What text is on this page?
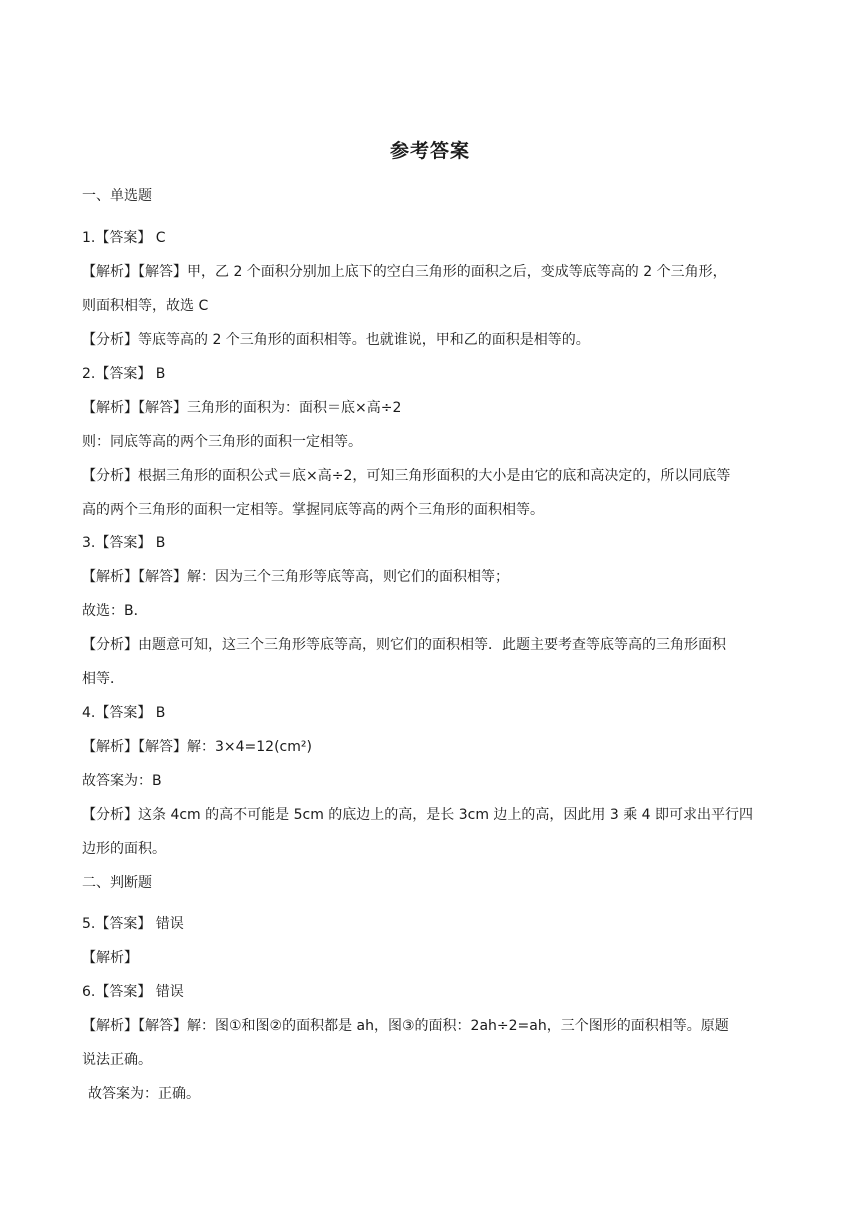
参考答案
一、单选题
1.【答案】 C
【解析】【解答】甲，乙 2 个面积分别加上底下的空白三角形的面积之后，变成等底等高的 2 个三角形，
则面积相等，故选 C
【分析】等底等高的 2 个三角形的面积相等。也就谁说，甲和乙的面积是相等的。
2.【答案】 B
【解析】【解答】三角形的面积为：面积＝底×高÷2
则：同底等高的两个三角形的面积一定相等。
【分析】根据三角形的面积公式＝底×高÷2，可知三角形面积的大小是由它的底和高决定的，所以同底等
高的两个三角形的面积一定相等。掌握同底等高的两个三角形的面积相等。
3.【答案】 B
【解析】【解答】解：因为三个三角形等底等高，则它们的面积相等；
故选：B．
【分析】由题意可知，这三个三角形等底等高，则它们的面积相等．此题主要考查等底等高的三角形面积
相等．
4.【答案】 B
【解析】【解答】解：3×4=12(cm²)
故答案为：B
【分析】这条 4cm 的高不可能是 5cm 的底边上的高，是长 3cm 边上的高，因此用 3 乘 4 即可求出平行四
边形的面积。
二、判断题
5.【答案】 错误
【解析】
6.【答案】 错误
【解析】【解答】解：图①和图②的面积都是 ah，图③的面积：2ah÷2=ah，三个图形的面积相等。原题
说法正确。
故答案为：正确。
